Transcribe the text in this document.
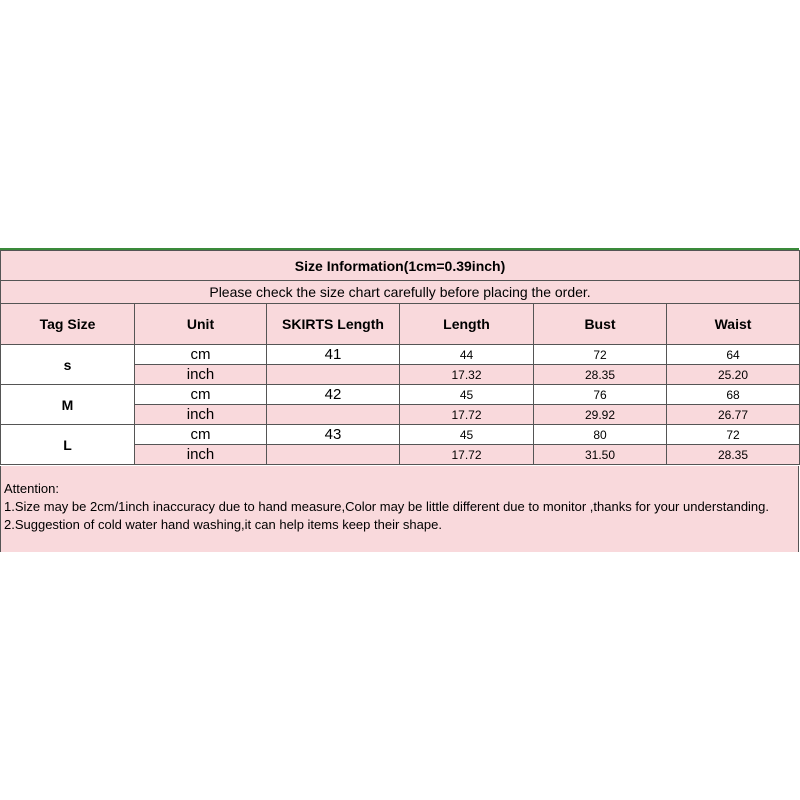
Size Information(1cm=0.39inch)					
Please check the size chart carefully before placing the order.					
Tag Size	Unit	SKIRTS Length	Length	Bust	Waist
s	cm	41	44	72	64
	inch		17.32	28.35	25.20
M	cm	42	45	76	68
	inch		17.72	29.92	26.77
L	cm	43	45	80	72
	inch		17.72	31.50	28.35
Attention:
1.Size may be 2cm/1inch inaccuracy due to hand measure,Color may be little different due to monitor ,thanks for your understanding.
2.Suggestion of cold water hand washing,it can help items keep their shape.
